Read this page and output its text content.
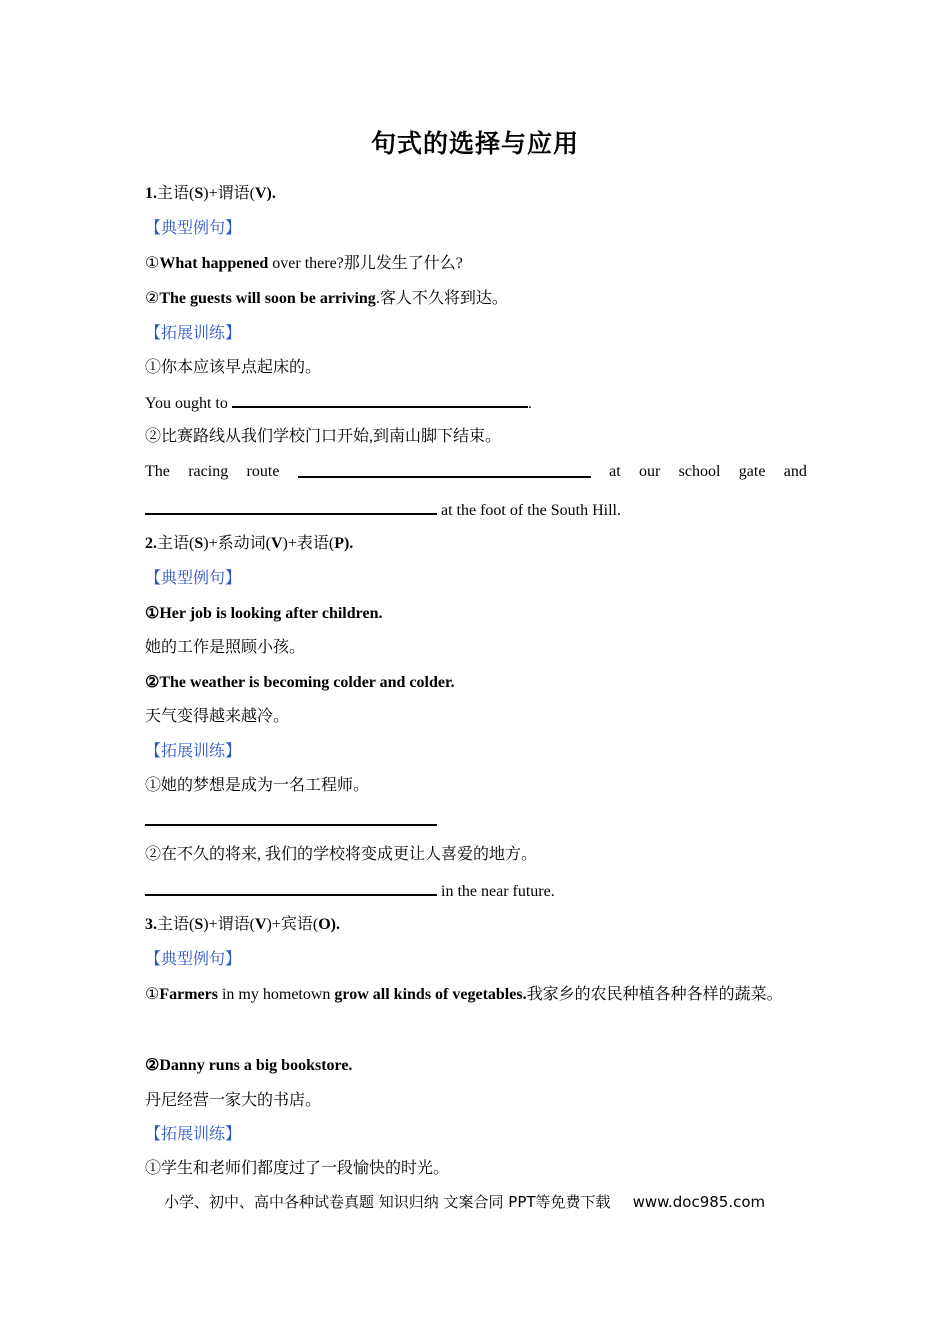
句式的选择与应用
1.主语(S)+谓语(V).
【典型例句】
①What happened over there?那儿发生了什么?
②The guests will soon be arriving.客人不久将到达。
【拓展训练】
①你本应该早点起床的。
You ought to	.
②比赛路线从我们学校门口开始,到南山脚下结束。
The racing route	at our school gate and
at the foot of the South Hill.
2.主语(S)+系动词(V)+表语(P).
【典型例句】
①Her job is looking after children.
她的工作是照顾小孩。
②The weather is becoming colder and colder.
天气变得越来越冷。
【拓展训练】
①她的梦想是成为一名工程师。
②在不久的将来, 我们的学校将变成更让人喜爱的地方。
in the near future.
3.主语(S)+谓语(V)+宾语(O).
【典型例句】
①Farmers in my hometown grow all kinds of vegetables.我家乡的农民种植各种各样的蔬菜。
②Danny runs a big bookstore.
丹尼经营一家大的书店。
【拓展训练】
①学生和老师们都度过了一段愉快的时光。
小学、初中、高中各种试卷真题 知识归纳 文案合同 PPT等免费下载 www.doc985.com
